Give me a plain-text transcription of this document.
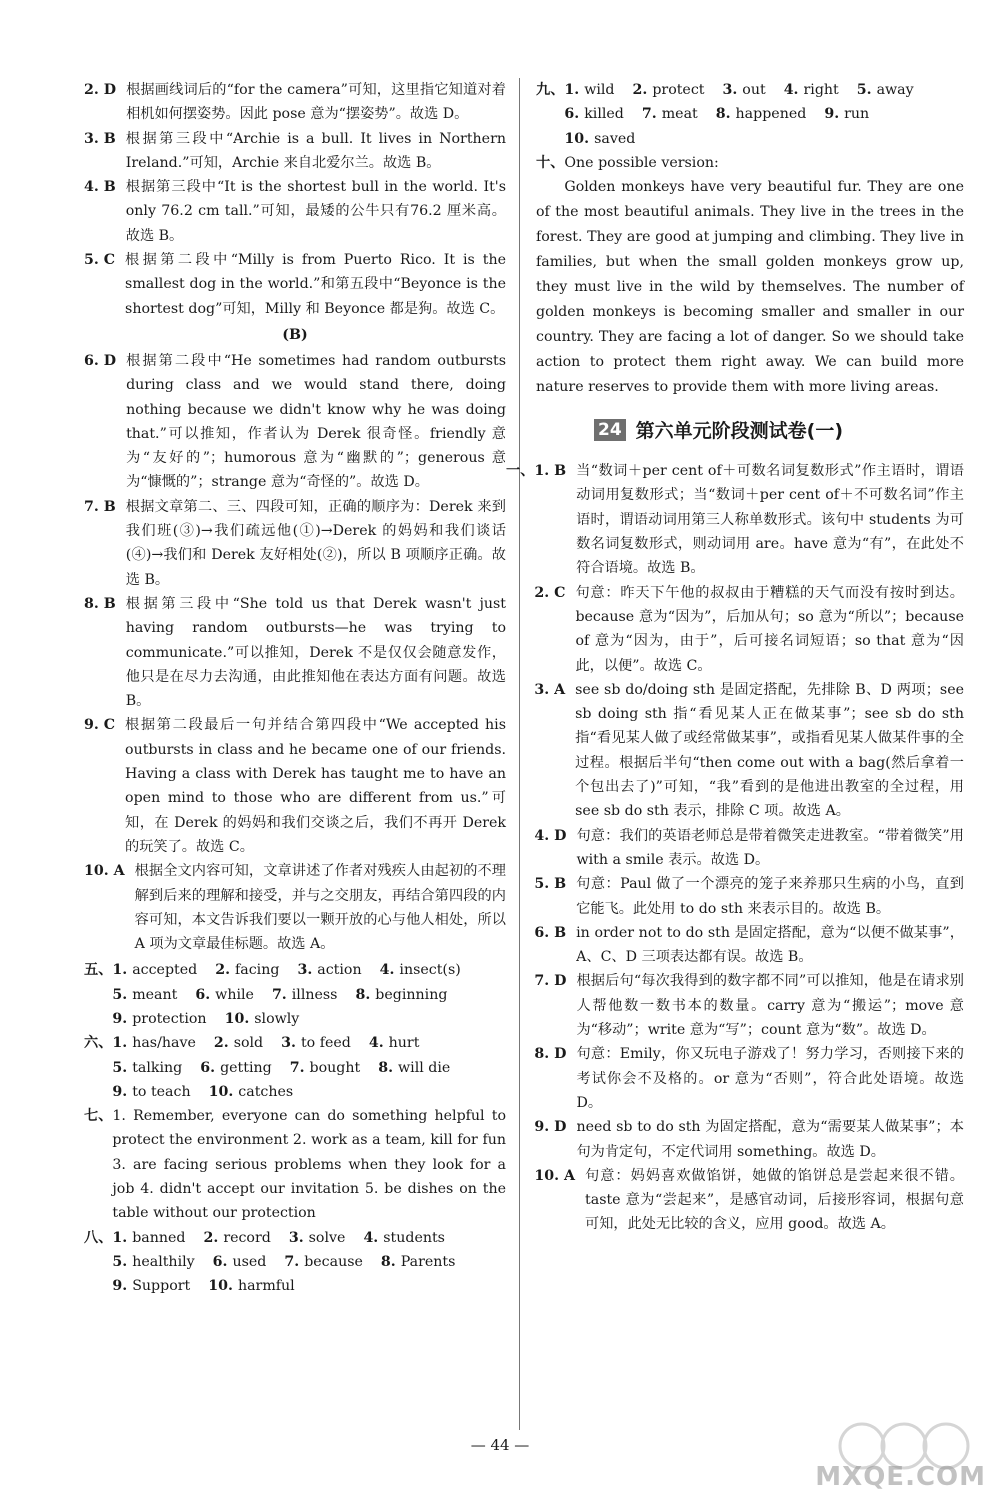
2. D 根据画线词后的“for the camera”可知，这里指它知道对着相机如何摆姿势。因此 pose 意为“摆姿势”。故选 D。
3. B 根据第三段中“Archie is a bull. It lives in Northern Ireland.”可知，Archie 来自北爱尔兰。故选 B。
4. B 根据第三段中“It is the shortest bull in the world. It's only 76.2 cm tall.”可知，最矮的公牛只有76.2 厘米高。故选 B。
5. C 根据第二段中“Milly is from Puerto Rico. It is the smallest dog in the world.”和第五段中“Beyonce is the shortest dog”可知，Milly 和 Beyonce 都是狗。故选 C。
(B)
6. D 根据第二段中“He sometimes had random outbursts during class and we would stand there, doing nothing because we didn't know why he was doing that.”可以推知，作者认为 Derek 很奇怪。friendly 意为“友好的”；humorous 意为“幽默的”；generous 意为“慷慨的”；strange 意为“奇怪的”。故选 D。
7. B 根据文章第二、三、四段可知，正确的顺序为：Derek 来到我们班(③)→我们疏远他(①)→Derek 的妈妈和我们谈话(④)→我们和 Derek 友好相处(②)，所以 B 项顺序正确。故选 B。
8. B 根据第三段中“She told us that Derek wasn't just having random outbursts—he was trying to communicate.”可以推知，Derek 不是仅仅会随意发作，他只是在尽力去沟通，由此推知他在表达方面有问题。故选 B。
9. C 根据第二段最后一句并结合第四段中“We accepted his outbursts in class and he became one of our friends. Having a class with Derek has taught me to have an open mind to those who are different from us.”可知，在 Derek 的妈妈和我们交谈之后，我们不再开 Derek 的玩笑了。故选 C。
10. A 根据全文内容可知，文章讲述了作者对残疾人由起初的不理解到后来的理解和接受，并与之交朋友，再结合第四段的内容可知，本文告诉我们要以一颗开放的心与他人相处，所以 A 项为文章最佳标题。故选 A。
五、 1. accepted 2. facing 3. action 4. insect(s)5. meant 6. while 7. illness 8. beginning9. protection 10. slowly
六、 1. has/have 2. sold 3. to feed 4. hurt5. talking 6. getting 7. bought 8. will die9. to teach 10. catches
七、 1. Remember, everyone can do something helpful to protect the environment 2. work as a team, kill for fun 3. are facing serious problems when they look for a job 4. didn't accept our invitation 5. be dishes on the table without our protection
八、 1. banned 2. record 3. solve 4. students5. healthily 6. used 7. because 8. Parents9. Support 10. harmful
九、 1. wild 2. protect 3. out 4. right 5. away6. killed 7. meat 8. happened 9. run10. saved
十、 One possible version:
Golden monkeys have very beautiful fur. They are one of the most beautiful animals. They live in the trees in the forest. They are good at jumping and climbing. They live in families, but when the small golden monkeys grow up, they must live in the wild by themselves. The number of golden monkeys is becoming smaller and smaller in our country. They are facing a lot of danger. So we should take action to protect them right away. We can build more nature reserves to provide them with more living areas.
24 第六单元阶段测试卷(一)
一、 1. B 当“数词＋per cent of＋可数名词复数形式”作主语时，谓语动词用复数形式；当“数词＋per cent of＋不可数名词”作主语时，谓语动词用第三人称单数形式。该句中 students 为可数名词复数形式，则动词用 are。have 意为“有”，在此处不符合语境。故选 B。
2. C 句意：昨天下午他的叔叔由于糟糕的天气而没有按时到达。because 意为“因为”，后加从句；so 意为“所以”；because of 意为“因为，由于”，后可接名词短语；so that 意为“因此，以便”。故选 C。
3. A see sb do/doing sth 是固定搭配，先排除 B、D 两项；see sb doing sth 指“看见某人正在做某事”；see sb do sth 指“看见某人做了或经常做某事”，或指看见某人做某件事的全过程。根据后半句“then come out with a bag(然后拿着一个包出去了)”可知，“我”看到的是他进出教室的全过程，用 see sb do sth 表示，排除 C 项。故选 A。
4. D 句意：我们的英语老师总是带着微笑走进教室。“带着微笑”用 with a smile 表示。故选 D。
5. B 句意：Paul 做了一个漂亮的笼子来养那只生病的小鸟，直到它能飞。此处用 to do sth 来表示目的。故选 B。
6. B in order not to do sth 是固定搭配，意为“以便不做某事”，A、C、D 三项表达都有误。故选 B。
7. D 根据后句“每次我得到的数字都不同”可以推知，他是在请求别人帮他数一数书本的数量。carry 意为“搬运”；move 意为“移动”；write 意为“写”；count 意为“数”。故选 D。
8. D 句意：Emily，你又玩电子游戏了！努力学习，否则接下来的考试你会不及格的。or 意为“否则”，符合此处语境。故选 D。
9. D need sb to do sth 为固定搭配，意为“需要某人做某事”；本句为肯定句，不定代词用 something。故选 D。
10. A 句意：妈妈喜欢做馅饼，她做的馅饼总是尝起来很不错。taste 意为“尝起来”，是感官动词，后接形容词，根据句意可知，此处无比较的含义，应用 good。故选 A。
— 44 —
MXQE.COM
